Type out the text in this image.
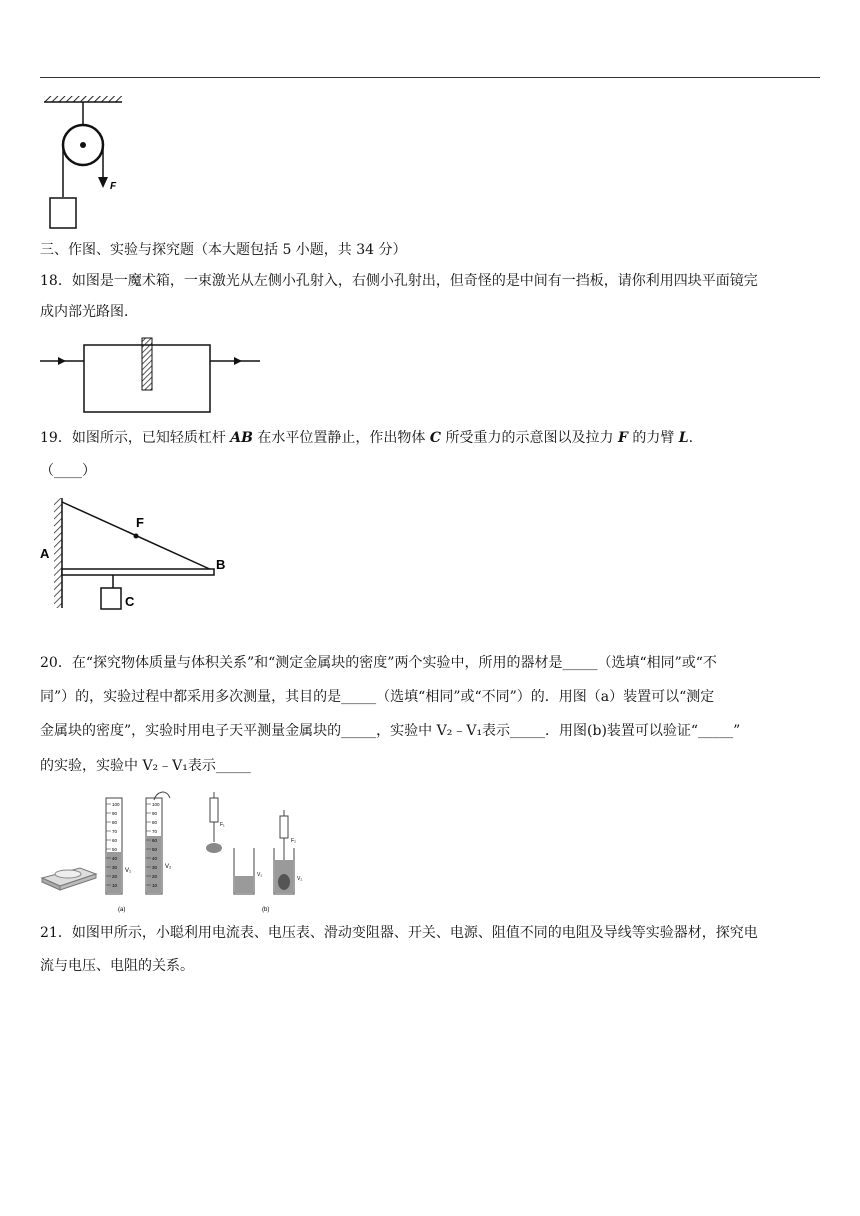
F
三、作图、实验与探究题（本大题包括 5 小题，共 34 分）
18．如图是一魔术箱，一束激光从左侧小孔射入，右侧小孔射出，但奇怪的是中间有一挡板，请你利用四块平面镜完
成内部光路图．
19．如图所示，已知轻质杠杆 AB 在水平位置静止，作出物体 C 所受重力的示意图以及拉力 F 的力臂 L.
（____）
A
B
C
F
20．在“探究物体质量与体积关系”和“测定金属块的密度”两个实验中，所用的器材是_____（选填“相同”或“不
同”）的，实验过程中都采用多次测量，其目的是_____（选填“相同”或“不同”）的．用图（a）装置可以“测定
金属块的密度”，实验时用电子天平测量金属块的_____，实验中 V₂﹣V₁表示_____．用图(b)装置可以验证“_____”
的实验，实验中 V₂﹣V₁表示_____
100
90
80
70
60
50
40
30
20
10
V₁
100
90
80
70
60
50
40
30
20
10
V₂
(a)
F₁
V₁
F₂
V₂
(b)
21．如图甲所示，小聪利用电流表、电压表、滑动变阻器、开关、电源、阻值不同的电阻及导线等实验器材，探究电
流与电压、电阻的关系。
